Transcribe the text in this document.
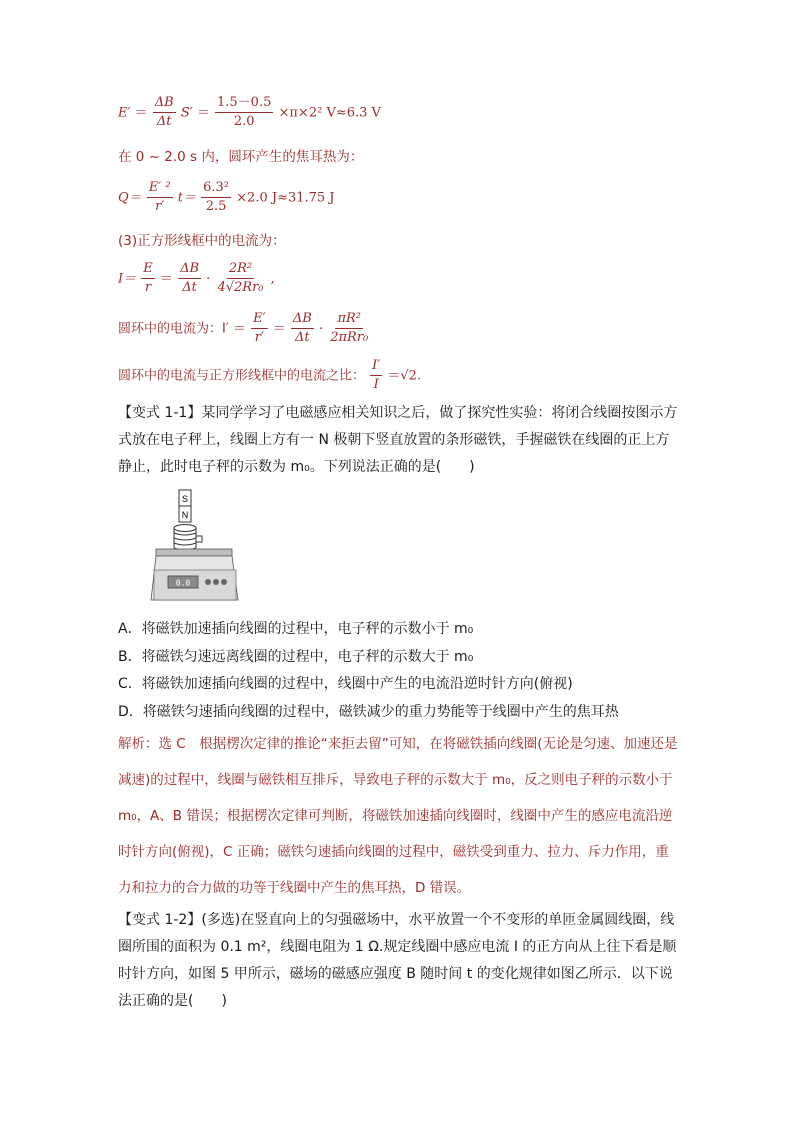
$E' = \frac{\Delta B}{\Delta t} S' = \frac{1.5-0.5}{2.0} \times\pi\times 2^2$ V≈6.3 V
在 0 ~ 2.0 s 内，圆环产生的焦耳热为：
$Q= \frac{\text{E′ ²}}{r'} t= \frac{\text{6.3²}}{2.5} \times 2.0$ J≈31.75 J
(3)正方形线框中的电流为：
$I= \frac{E}{r} = \frac{\Delta B}{\Delta t} \cdot \frac{\text{2R²}}{\text{4√2Rr₀}}$ ,
圆环中的电流为：$I' = \frac{E'}{r'} = \frac{\Delta B}{\Delta t} \cdot \frac{\text{πR²}}{\text{2πRr₀}}$
圆环中的电流与正方形线框中的电流之比： $\frac{I'}{I} =√2$.
【变式 1-1】某同学学习了电磁感应相关知识之后，做了探究性实验：将闭合线圈按图示方式放在电子秤上，线圈上方有一 N 极朝下竖直放置的条形磁铁，手握磁铁在线圈的正上方静止，此时电子秤的示数为 m₀。下列说法正确的是(　　)
S
N
0.0
A．将磁铁加速插向线圈的过程中，电子秤的示数小于 m₀
B．将磁铁匀速远离线圈的过程中，电子秤的示数大于 m₀
C．将磁铁加速插向线圈的过程中，线圈中产生的电流沿逆时针方向(俯视)
D．将磁铁匀速插向线圈的过程中，磁铁减少的重力势能等于线圈中产生的焦耳热
解析：选 C　根据楞次定律的推论“来拒去留”可知，在将磁铁插向线圈(无论是匀速、加速还是减速)的过程中，线圈与磁铁相互排斥，导致电子秤的示数大于 m₀，反之则电子秤的示数小于 m₀，A、B 错误；根据楞次定律可判断，将磁铁加速插向线圈时，线圈中产生的感应电流沿逆时针方向(俯视)，C 正确；磁铁匀速插向线圈的过程中，磁铁受到重力、拉力、斥力作用，重力和拉力的合力做的功等于线圈中产生的焦耳热，D 错误。
【变式 1-2】(多选)在竖直向上的匀强磁场中，水平放置一个不变形的单匝金属圆线圈，线圈所围的面积为 0.1 m²，线圈电阻为 1 Ω.规定线圈中感应电流 I 的正方向从上往下看是顺时针方向，如图 5 甲所示，磁场的磁感应强度 B 随时间 t 的变化规律如图乙所示．以下说法正确的是(　　)
